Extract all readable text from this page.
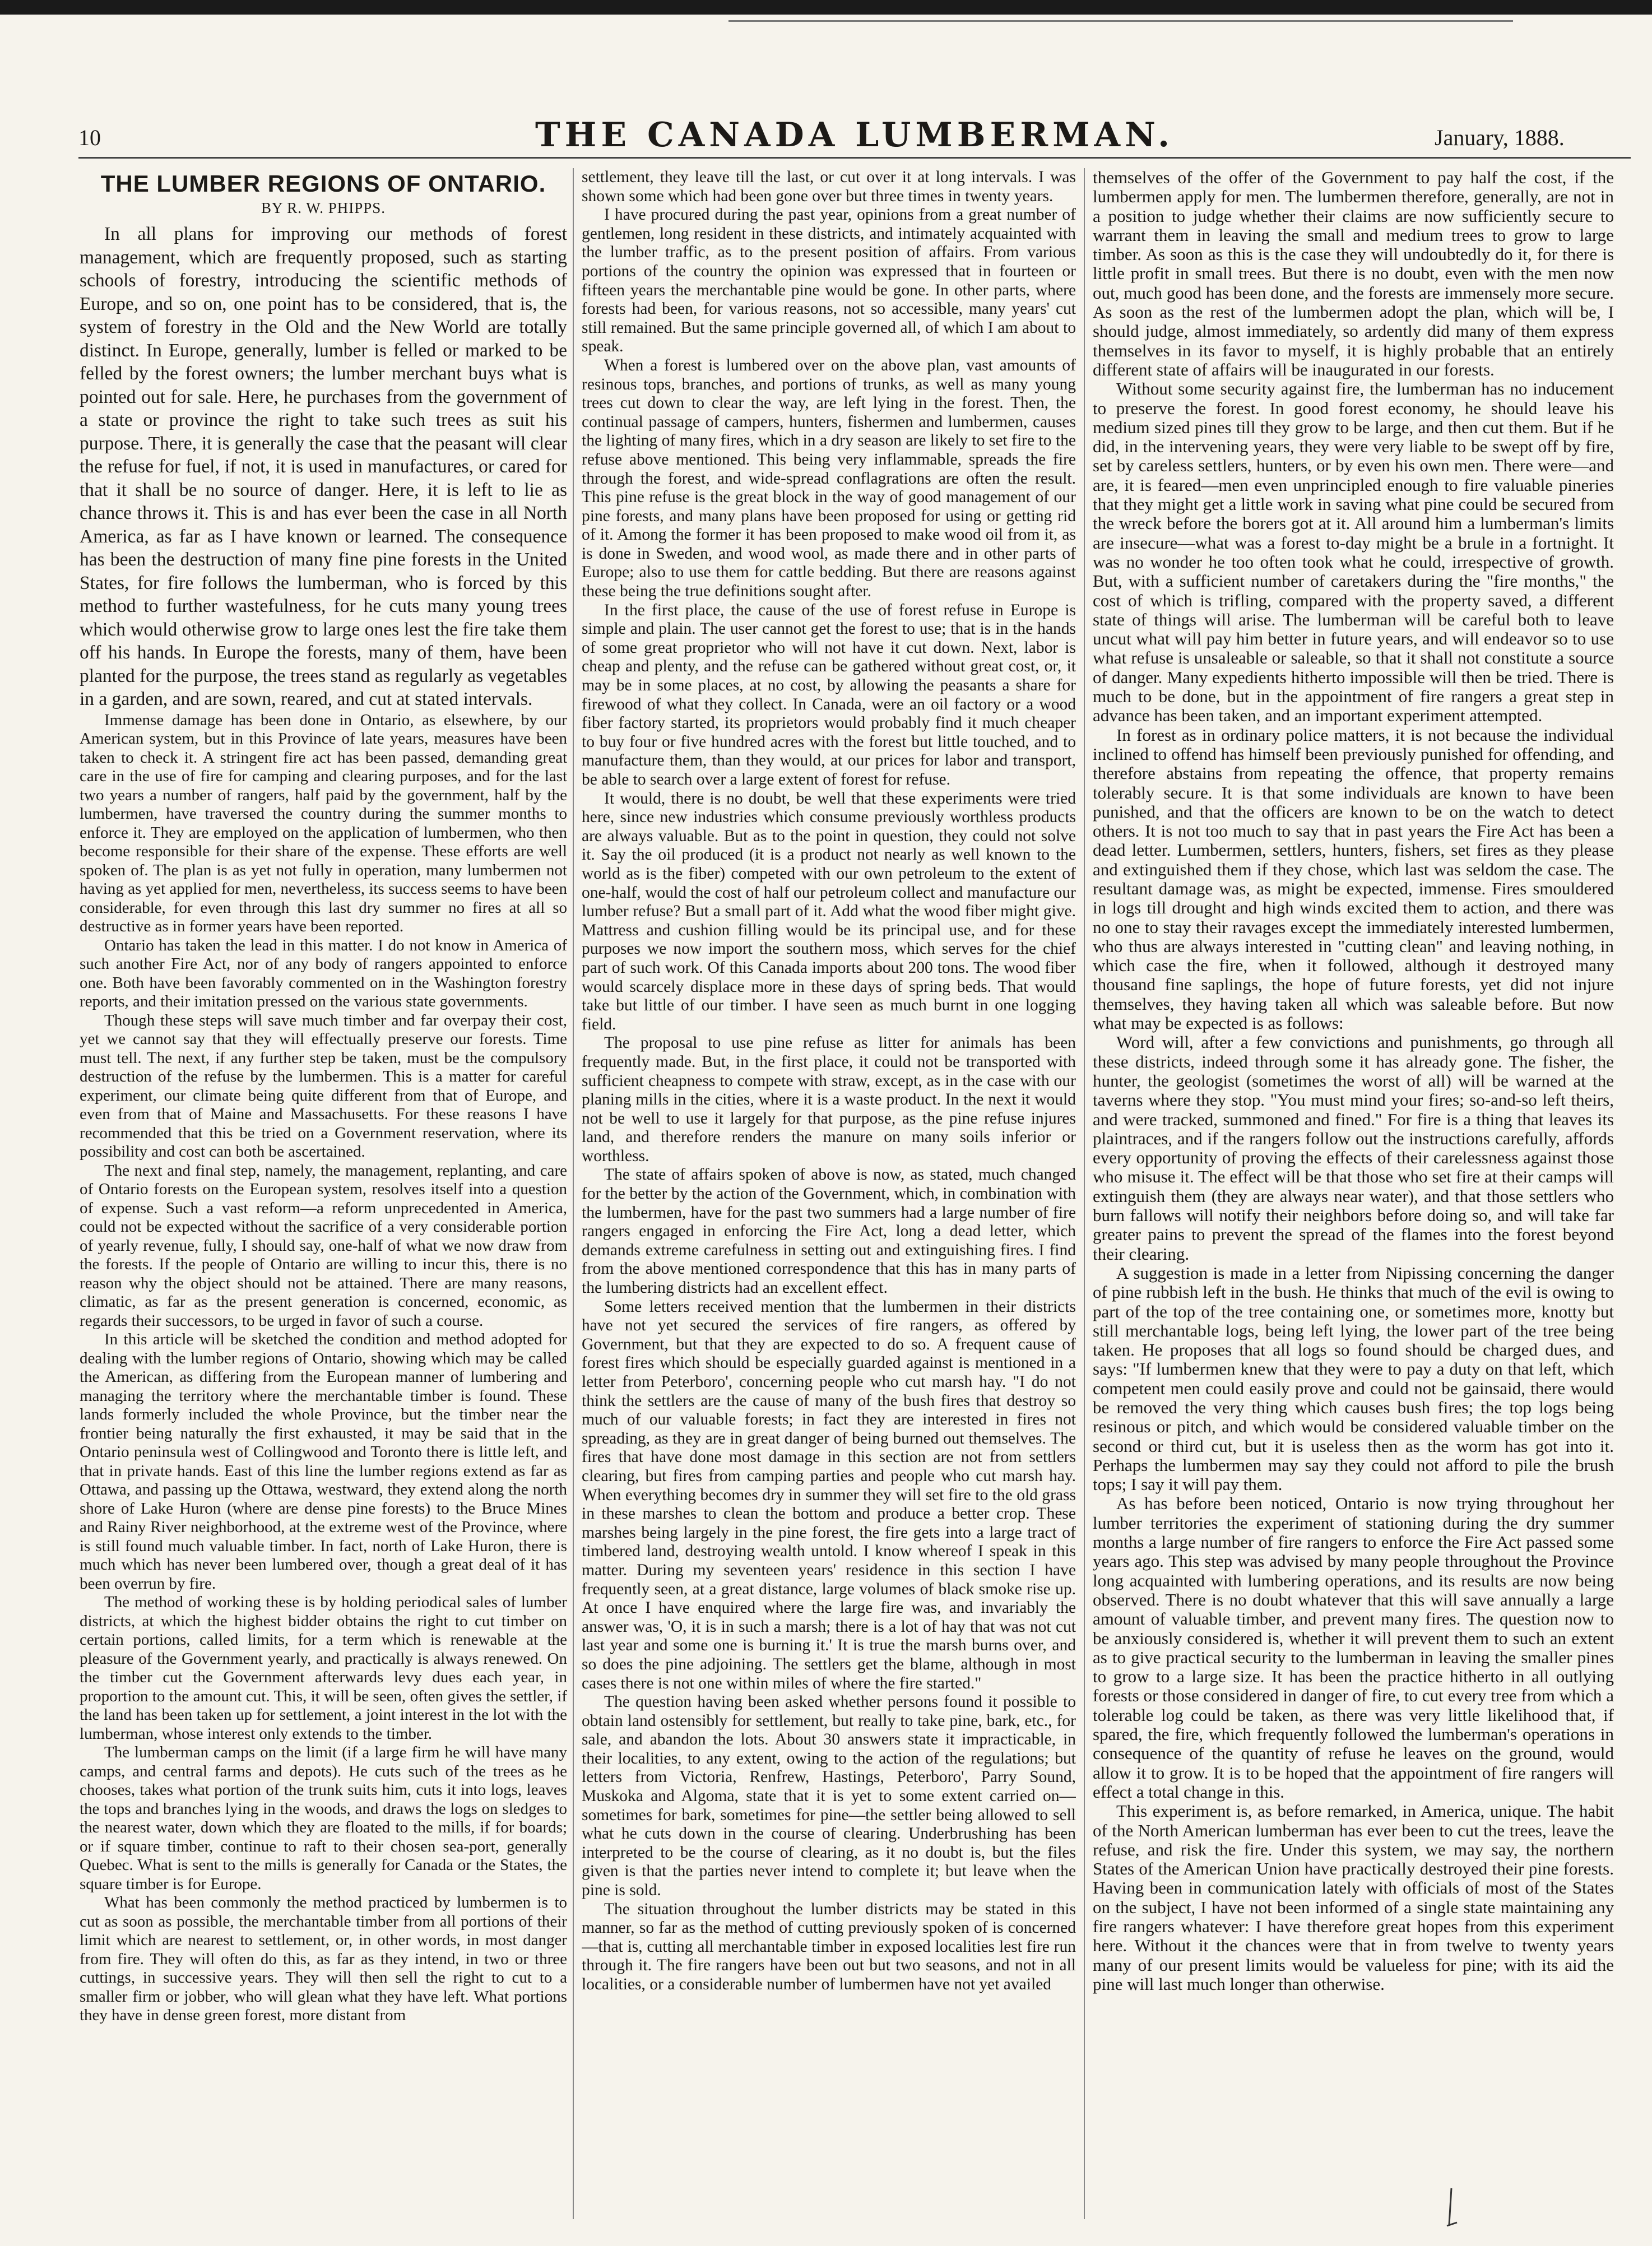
10	THE CANADA LUMBERMAN.	January, 1888.
THE LUMBER REGIONS OF ONTARIO.
BY R. W. PHIPPS.

In all plans for improving our methods of forest management, which are frequently proposed, such as starting schools of forestry, introducing the scientific methods of Europe, and so on, one point has to be considered, that is, the system of forestry in the Old and the New World are totally distinct. In Europe, generally, lumber is felled or marked to be felled by the forest owners; the lumber merchant buys what is pointed out for sale. Here, he purchases from the government of a state or province the right to take such trees as suit his purpose. There, it is generally the case that the peasant will clear the refuse for fuel, if not, it is used in manufactures, or cared for that it shall be no source of danger. Here, it is left to lie as chance throws it. This is and has ever been the case in all North America, as far as I have known or learned. The consequence has been the destruction of many fine pine forests in the United States, for fire follows the lumberman, who is forced by this method to further wastefulness, for he cuts many young trees which would otherwise grow to large ones lest the fire take them off his hands. In Europe the forests, many of them, have been planted for the purpose, the trees stand as regularly as vegetables in a garden, and are sown, reared, and cut at stated intervals.

Immense damage has been done in Ontario, as elsewhere, by our American system, but in this Province of late years, measures have been taken to check it. A stringent fire act has been passed, demanding great care in the use of fire for camping and clearing purposes, and for the last two years a number of rangers, half paid by the government, half by the lumbermen, have traversed the country during the summer months to enforce it. They are employed on the application of lumbermen, who then become responsible for their share of the expense. These efforts are well spoken of. The plan is as yet not fully in operation, many lumbermen not having as yet applied for men, nevertheless, its success seems to have been considerable, for even through this last dry summer no fires at all so destructive as in former years have been reported.

Ontario has taken the lead in this matter. I do not know in America of such another Fire Act, nor of any body of rangers appointed to enforce one. Both have been favorably commented on in the Washington forestry reports, and their imitation pressed on the various state governments.

Though these steps will save much timber and far overpay their cost, yet we cannot say that they will effectually preserve our forests. Time must tell. The next, if any further step be taken, must be the compulsory destruction of the refuse by the lumbermen. This is a matter for careful experiment, our climate being quite different from that of Europe, and even from that of Maine and Massachusetts. For these reasons I have recommended that this be tried on a Government reservation, where its possibility and cost can both be ascertained.

The next and final step, namely, the management, replanting, and care of Ontario forests on the European system, resolves itself into a question of expense. Such a vast reform—a reform unprecedented in America, could not be expected without the sacrifice of a very considerable portion of yearly revenue, fully, I should say, one-half of what we now draw from the forests. If the people of Ontario are willing to incur this, there is no reason why the object should not be attained. There are many reasons, climatic, as far as the present generation is concerned, economic, as regards their successors, to be urged in favor of such a course.

In this article will be sketched the condition and method adopted for dealing with the lumber regions of Ontario, showing which may be called the American, as differing from the European manner of lumbering and managing the territory where the merchantable timber is found. These lands formerly included the whole Province, but the timber near the frontier being naturally the first exhausted, it may be said that in the Ontario peninsula west of Collingwood and Toronto there is little left, and that in private hands. East of this line the lumber regions extend as far as Ottawa, and passing up the Ottawa, westward, they extend along the north shore of Lake Huron (where are dense pine forests) to the Bruce Mines and Rainy River neighborhood, at the extreme west of the Province, where is still found much valuable timber. In fact, north of Lake Huron, there is much which has never been lumbered over, though a great deal of it has been overrun by fire.

The method of working these is by holding periodical sales of lumber districts, at which the highest bidder obtains the right to cut timber on certain portions, called limits, for a term which is renewable at the pleasure of the Government yearly, and practically is always renewed. On the timber cut the Government afterwards levy dues each year, in proportion to the amount cut. This, it will be seen, often gives the settler, if the land has been taken up for settlement, a joint interest in the lot with the lumberman, whose interest only extends to the timber.

The lumberman camps on the limit (if a large firm he will have many camps, and central farms and depots). He cuts such of the trees as he chooses, takes what portion of the trunk suits him, cuts it into logs, leaves the tops and branches lying in the woods, and draws the logs on sledges to the nearest water, down which they are floated to the mills, if for boards; or if square timber, continue to raft to their chosen sea-port, generally Quebec. What is sent to the mills is generally for Canada or the States, the square timber is for Europe.

What has been commonly the method practiced by lumbermen is to cut as soon as possible, the merchantable timber from all portions of their limit which are nearest to settlement, or, in other words, in most danger from fire. They will often do this, as far as they intend, in two or three cuttings, in successive years. They will then sell the right to cut to a smaller firm or jobber, who will glean what they have left. What portions they have in dense green forest, more distant from

settlement, they leave till the last, or cut over it at long intervals. I was shown some which had been gone over but three times in twenty years.

I have procured during the past year, opinions from a great number of gentlemen, long resident in these districts, and intimately acquainted with the lumber traffic, as to the present position of affairs. From various portions of the country the opinion was expressed that in fourteen or fifteen years the merchantable pine would be gone. In other parts, where forests had been, for various reasons, not so accessible, many years' cut still remained. But the same principle governed all, of which I am about to speak.

When a forest is lumbered over on the above plan, vast amounts of resinous tops, branches, and portions of trunks, as well as many young trees cut down to clear the way, are left lying in the forest. Then, the continual passage of campers, hunters, fishermen and lumbermen, causes the lighting of many fires, which in a dry season are likely to set fire to the refuse above mentioned. This being very inflammable, spreads the fire through the forest, and wide-spread conflagrations are often the result. This pine refuse is the great block in the way of good management of our pine forests, and many plans have been proposed for using or getting rid of it. Among the former it has been proposed to make wood oil from it, as is done in Sweden, and wood wool, as made there and in other parts of Europe; also to use them for cattle bedding. But there are reasons against these being the true definitions sought after.

In the first place, the cause of the use of forest refuse in Europe is simple and plain. The user cannot get the forest to use; that is in the hands of some great proprietor who will not have it cut down. Next, labor is cheap and plenty, and the refuse can be gathered without great cost, or, it may be in some places, at no cost, by allowing the peasants a share for firewood of what they collect. In Canada, were an oil factory or a wood fiber factory started, its proprietors would probably find it much cheaper to buy four or five hundred acres with the forest but little touched, and to manufacture them, than they would, at our prices for labor and transport, be able to search over a large extent of forest for refuse.

It would, there is no doubt, be well that these experiments were tried here, since new industries which consume previously worthless products are always valuable. But as to the point in question, they could not solve it. Say the oil produced (it is a product not nearly as well known to the world as is the fiber) competed with our own petroleum to the extent of one-half, would the cost of half our petroleum collect and manufacture our lumber refuse? But a small part of it. Add what the wood fiber might give. Mattress and cushion filling would be its principal use, and for these purposes we now import the southern moss, which serves for the chief part of such work. Of this Canada imports about 200 tons. The wood fiber would scarcely displace more in these days of spring beds. That would take but little of our timber. I have seen as much burnt in one logging field.

The proposal to use pine refuse as litter for animals has been frequently made. But, in the first place, it could not be transported with sufficient cheapness to compete with straw, except, as in the case with our planing mills in the cities, where it is a waste product. In the next it would not be well to use it largely for that purpose, as the pine refuse injures land, and therefore renders the manure on many soils inferior or worthless.

The state of affairs spoken of above is now, as stated, much changed for the better by the action of the Government, which, in combination with the lumbermen, have for the past two summers had a large number of fire rangers engaged in enforcing the Fire Act, long a dead letter, which demands extreme carefulness in setting out and extinguishing fires. I find from the above mentioned correspondence that this has in many parts of the lumbering districts had an excellent effect.

Some letters received mention that the lumbermen in their districts have not yet secured the services of fire rangers, as offered by Government, but that they are expected to do so. A frequent cause of forest fires which should be especially guarded against is mentioned in a letter from Peterboro', concerning people who cut marsh hay. "I do not think the settlers are the cause of many of the bush fires that destroy so much of our valuable forests; in fact they are interested in fires not spreading, as they are in great danger of being burned out themselves. The fires that have done most damage in this section are not from settlers clearing, but fires from camping parties and people who cut marsh hay. When everything becomes dry in summer they will set fire to the old grass in these marshes to clean the bottom and produce a better crop. These marshes being largely in the pine forest, the fire gets into a large tract of timbered land, destroying wealth untold. I know whereof I speak in this matter. During my seventeen years' residence in this section I have frequently seen, at a great distance, large volumes of black smoke rise up. At once I have enquired where the large fire was, and invariably the answer was, 'O, it is in such a marsh; there is a lot of hay that was not cut last year and some one is burning it.' It is true the marsh burns over, and so does the pine adjoining. The settlers get the blame, although in most cases there is not one within miles of where the fire started."

The question having been asked whether persons found it possible to obtain land ostensibly for settlement, but really to take pine, bark, etc., for sale, and abandon the lots. About 30 answers state it impracticable, in their localities, to any extent, owing to the action of the regulations; but letters from Victoria, Renfrew, Hastings, Peterboro', Parry Sound, Muskoka and Algoma, state that it is yet to some extent carried on—sometimes for bark, sometimes for pine—the settler being allowed to sell what he cuts down in the course of clearing. Underbrushing has been interpreted to be the course of clearing, as it no doubt is, but the files given is that the parties never intend to complete it; but leave when the pine is sold.

The situation throughout the lumber districts may be stated in this manner, so far as the method of cutting previously spoken of is concerned—that is, cutting all merchantable timber in exposed localities lest fire run through it. The fire rangers have been out but two seasons, and not in all localities, or a considerable number of lumbermen have not yet availed

themselves of the offer of the Government to pay half the cost, if the lumbermen apply for men. The lumbermen therefore, generally, are not in a position to judge whether their claims are now sufficiently secure to warrant them in leaving the small and medium trees to grow to large timber. As soon as this is the case they will undoubtedly do it, for there is little profit in small trees. But there is no doubt, even with the men now out, much good has been done, and the forests are immensely more secure. As soon as the rest of the lumbermen adopt the plan, which will be, I should judge, almost immediately, so ardently did many of them express themselves in its favor to myself, it is highly probable that an entirely different state of affairs will be inaugurated in our forests.

Without some security against fire, the lumberman has no inducement to preserve the forest. In good forest economy, he should leave his medium sized pines till they grow to be large, and then cut them. But if he did, in the intervening years, they were very liable to be swept off by fire, set by careless settlers, hunters, or by even his own men. There were—and are, it is feared—men even unprincipled enough to fire valuable pineries that they might get a little work in saving what pine could be secured from the wreck before the borers got at it. All around him a lumberman's limits are insecure—what was a forest to-day might be a brule in a fortnight. It was no wonder he too often took what he could, irrespective of growth. But, with a sufficient number of caretakers during the "fire months," the cost of which is trifling, compared with the property saved, a different state of things will arise. The lumberman will be careful both to leave uncut what will pay him better in future years, and will endeavor so to use what refuse is unsaleable or saleable, so that it shall not constitute a source of danger. Many expedients hitherto impossible will then be tried. There is much to be done, but in the appointment of fire rangers a great step in advance has been taken, and an important experiment attempted.

In forest as in ordinary police matters, it is not because the individual inclined to offend has himself been previously punished for offending, and therefore abstains from repeating the offence, that property remains tolerably secure. It is that some individuals are known to have been punished, and that the officers are known to be on the watch to detect others. It is not too much to say that in past years the Fire Act has been a dead letter. Lumbermen, settlers, hunters, fishers, set fires as they please and extinguished them if they chose, which last was seldom the case. The resultant damage was, as might be expected, immense. Fires smouldered in logs till drought and high winds excited them to action, and there was no one to stay their ravages except the immediately interested lumbermen, who thus are always interested in "cutting clean" and leaving nothing, in which case the fire, when it followed, although it destroyed many thousand fine saplings, the hope of future forests, yet did not injure themselves, they having taken all which was saleable before. But now what may be expected is as follows:

Word will, after a few convictions and punishments, go through all these districts, indeed through some it has already gone. The fisher, the hunter, the geologist (sometimes the worst of all) will be warned at the taverns where they stop. "You must mind your fires; so-and-so left theirs, and were tracked, summoned and fined." For fire is a thing that leaves its plaintraces, and if the rangers follow out the instructions carefully, affords every opportunity of proving the effects of their carelessness against those who misuse it. The effect will be that those who set fire at their camps will extinguish them (they are always near water), and that those settlers who burn fallows will notify their neighbors before doing so, and will take far greater pains to prevent the spread of the flames into the forest beyond their clearing.

A suggestion is made in a letter from Nipissing concerning the danger of pine rubbish left in the bush. He thinks that much of the evil is owing to part of the top of the tree containing one, or sometimes more, knotty but still merchantable logs, being left lying, the lower part of the tree being taken. He proposes that all logs so found should be charged dues, and says: "If lumbermen knew that they were to pay a duty on that left, which competent men could easily prove and could not be gainsaid, there would be removed the very thing which causes bush fires; the top logs being resinous or pitch, and which would be considered valuable timber on the second or third cut, but it is useless then as the worm has got into it. Perhaps the lumbermen may say they could not afford to pile the brush tops; I say it will pay them.

As has before been noticed, Ontario is now trying throughout her lumber territories the experiment of stationing during the dry summer months a large number of fire rangers to enforce the Fire Act passed some years ago. This step was advised by many people throughout the Province long acquainted with lumbering operations, and its results are now being observed. There is no doubt whatever that this will save annually a large amount of valuable timber, and prevent many fires. The question now to be anxiously considered is, whether it will prevent them to such an extent as to give practical security to the lumberman in leaving the smaller pines to grow to a large size. It has been the practice hitherto in all outlying forests or those considered in danger of fire, to cut every tree from which a tolerable log could be taken, as there was very little likelihood that, if spared, the fire, which frequently followed the lumberman's operations in consequence of the quantity of refuse he leaves on the ground, would allow it to grow. It is to be hoped that the appointment of fire rangers will effect a total change in this.

This experiment is, as before remarked, in America, unique. The habit of the North American lumberman has ever been to cut the trees, leave the refuse, and risk the fire. Under this system, we may say, the northern States of the American Union have practically destroyed their pine forests. Having been in communication lately with officials of most of the States on the subject, I have not been informed of a single state maintaining any fire rangers whatever: I have therefore great hopes from this experiment here. Without it the chances were that in from twelve to twenty years many of our present limits would be valueless for pine; with its aid the pine will last much longer than otherwise.
